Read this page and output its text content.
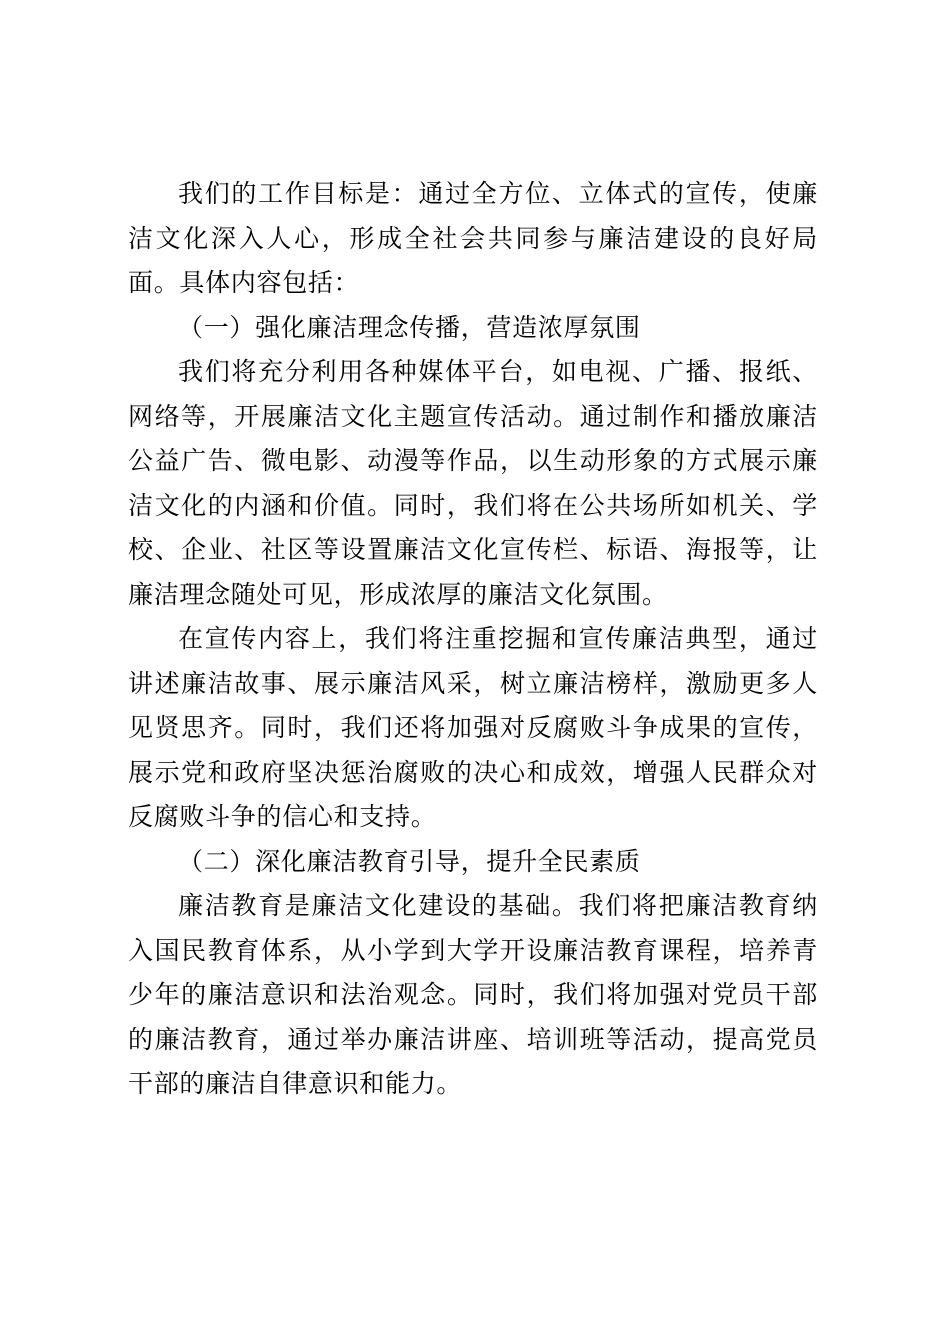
我们的工作目标是：通过全方位、立体式的宣传，使廉洁文化深入人心，形成全社会共同参与廉洁建设的良好局面。具体内容包括：

（一）强化廉洁理念传播，营造浓厚氛围

我们将充分利用各种媒体平台，如电视、广播、报纸、网络等，开展廉洁文化主题宣传活动。通过制作和播放廉洁公益广告、微电影、动漫等作品，以生动形象的方式展示廉洁文化的内涵和价值。同时，我们将在公共场所如机关、学校、企业、社区等设置廉洁文化宣传栏、标语、海报等，让廉洁理念随处可见，形成浓厚的廉洁文化氛围。

在宣传内容上，我们将注重挖掘和宣传廉洁典型，通过讲述廉洁故事、展示廉洁风采，树立廉洁榜样，激励更多人见贤思齐。同时，我们还将加强对反腐败斗争成果的宣传，展示党和政府坚决惩治腐败的决心和成效，增强人民群众对反腐败斗争的信心和支持。

（二）深化廉洁教育引导，提升全民素质

廉洁教育是廉洁文化建设的基础。我们将把廉洁教育纳入国民教育体系，从小学到大学开设廉洁教育课程，培养青少年的廉洁意识和法治观念。同时，我们将加强对党员干部的廉洁教育，通过举办廉洁讲座、培训班等活动，提高党员干部的廉洁自律意识和能力。
